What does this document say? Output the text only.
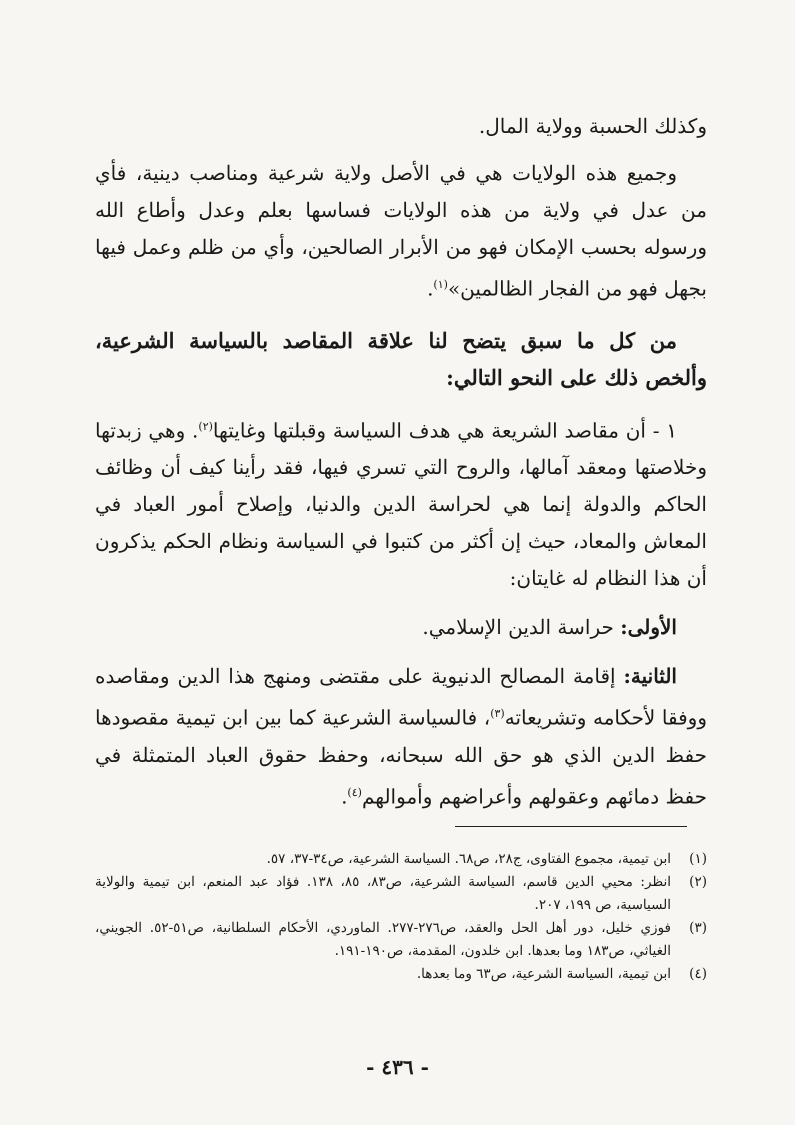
وكذلك الحسبة وولاية المال.

وجميع هذه الولايات هي في الأصل ولاية شرعية ومناصب دينية، فأي من عدل في ولاية من هذه الولايات فساسها بعلم وعدل وأطاع الله ورسوله بحسب الإمكان فهو من الأبرار الصالحين، وأي من ظلم وعمل فيها بجهل فهو من الفجار الظالمين»$^{(١)}$.

من كل ما سبق يتضح لنا علاقة المقاصد بالسياسة الشرعية، وألخص ذلك على النحو التالي:

١ - أن مقاصد الشريعة هي هدف السياسة وقبلتها وغايتها$^{(٢)}$. وهي زبدتها وخلاصتها ومعقد آمالها، والروح التي تسري فيها، فقد رأينا كيف أن وظائف الحاكم والدولة إنما هي لحراسة الدين والدنيا، وإصلاح أمور العباد في المعاش والمعاد، حيث إن أكثر من كتبوا في السياسة ونظام الحكم يذكرون أن هذا النظام له غايتان:

الأولى: حراسة الدين الإسلامي.

الثانية: إقامة المصالح الدنيوية على مقتضى ومنهج هذا الدين ومقاصده ووفقا لأحكامه وتشريعاته$^{(٣)}$، فالسياسة الشرعية كما بين ابن تيمية مقصودها حفظ الدين الذي هو حق الله سبحانه، وحفظ حقوق العباد المتمثلة في حفظ دمائهم وعقولهم وأعراضهم وأموالهم$^{(٤)}$.

(١)
ابن تيمية، مجموع الفتاوى، ج٢٨، ص٦٨. السياسة الشرعية، ص٣٤-٣٧، ٥٧.
(٢)
انظر: محيي الدين قاسم، السياسة الشرعية، ص٨٣، ٨٥، ١٣٨. فؤاد عبد المنعم، ابن تيمية والولاية السياسية، ص ١٩٩، ٢٠٧.
(٣)
فوزي خليل، دور أهل الحل والعقد، ص٢٧٦-٢٧٧. الماوردي، الأحكام السلطانية، ص٥١-٥٢. الجويني، الغياثي، ص١٨٣ وما بعدها. ابن خلدون، المقدمة، ص١٩٠-١٩١.
(٤)
ابن تيمية، السياسة الشرعية، ص٦٣ وما بعدها.
- ٤٣٦ -
